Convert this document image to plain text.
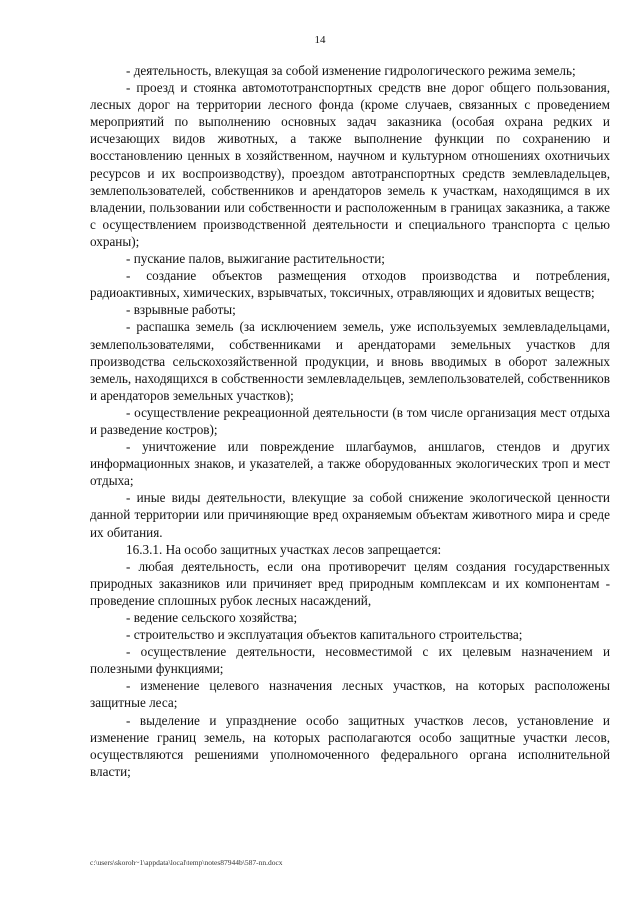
14

- деятельность, влекущая за собой изменение гидрологического режима земель;

- проезд и стоянка автомототранспортных средств вне дорог общего пользования, лесных дорог на территории лесного фонда (кроме случаев, связанных с проведением мероприятий по выполнению основных задач заказника (особая охрана редких и исчезающих видов животных, а также выполнение функции по сохранению и восстановлению ценных в хозяйственном, научном и культурном отношениях охотничьих ресурсов и их воспроизводству), проездом автотранспортных средств землевладельцев, землепользователей, собственников и арендаторов земель к участкам, находящимся в их владении, пользовании или собственности и расположенным в границах заказника, а также с осуществлением производственной деятельности и специального транспорта с целью охраны);

- пускание палов, выжигание растительности;

- создание объектов размещения отходов производства и потребления, радиоактивных, химических, взрывчатых, токсичных, отравляющих и ядовитых веществ;

- взрывные работы;

- распашка земель (за исключением земель, уже используемых землевладельцами, землепользователями, собственниками и арендаторами земельных участков для производства сельскохозяйственной продукции, и вновь вводимых в оборот залежных земель, находящихся в собственности землевладельцев, землепользователей, собственников и арендаторов земельных участков);

- осуществление рекреационной деятельности (в том числе организация мест отдыха и разведение костров);

- уничтожение или повреждение шлагбаумов, аншлагов, стендов и других информационных знаков, и указателей, а также оборудованных экологических троп и мест отдыха;

- иные виды деятельности, влекущие за собой снижение экологической ценности данной территории или причиняющие вред охраняемым объектам животного мира и среде их обитания.

16.3.1. На особо защитных участках лесов запрещается:

- любая деятельность, если она противоречит целям создания государственных природных заказников или причиняет вред природным комплексам и их компонентам - проведение сплошных рубок лесных насаждений,

- ведение сельского хозяйства;

- строительство и эксплуатация объектов капитального строительства;

- осуществление деятельности, несовместимой с их целевым назначением и полезными функциями;

- изменение целевого назначения лесных участков, на которых расположены защитные леса;

- выделение и упразднение особо защитных участков лесов, установление и изменение границ земель, на которых располагаются особо защитные участки лесов, осуществляются решениями уполномоченного федерального органа исполнительной власти;

c:\users\skoroh~1\appdata\local\temp\notes87944b\587-nn.docx
